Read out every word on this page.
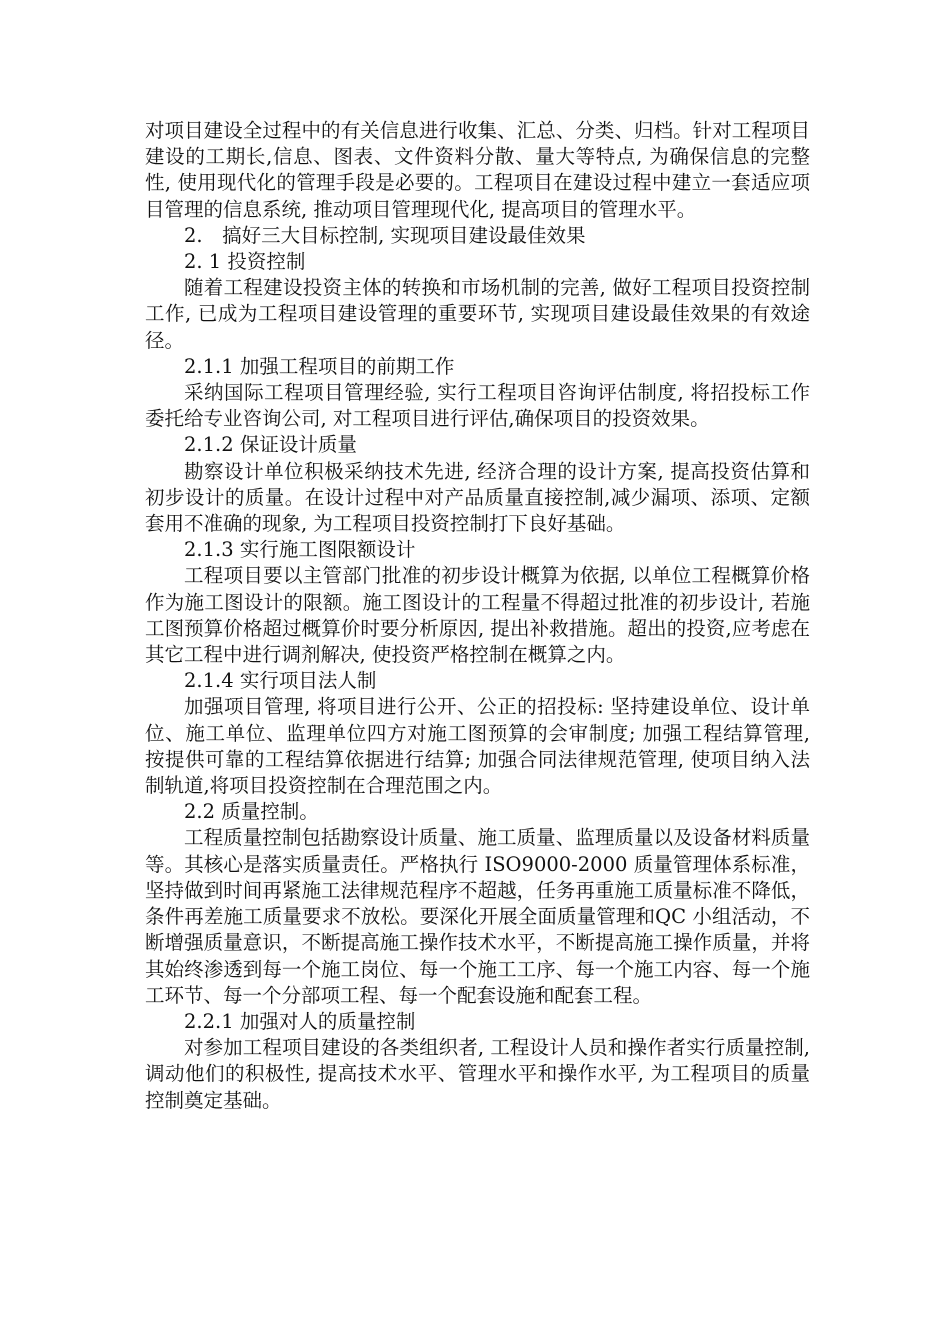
对项目建设全过程中的有关信息进行收集、汇总、分类、归档。针对工程项目建设的工期长,信息、图表、文件资料分散、量大等特点, 为确保信息的完整性, 使用现代化的管理手段是必要的。工程项目在建设过程中建立一套适应项目管理的信息系统, 推动项目管理现代化, 提高项目的管理水平。

2.　搞好三大目标控制, 实现项目建设最佳效果

2. 1 投资控制

随着工程建设投资主体的转换和市场机制的完善, 做好工程项目投资控制工作, 已成为工程项目建设管理的重要环节, 实现项目建设最佳效果的有效途径。

2.1.1 加强工程项目的前期工作

采纳国际工程项目管理经验, 实行工程项目咨询评估制度, 将招投标工作委托给专业咨询公司, 对工程项目进行评估,确保项目的投资效果。

2.1.2 保证设计质量

勘察设计单位积极采纳技术先进, 经济合理的设计方案, 提高投资估算和初步设计的质量。在设计过程中对产品质量直接控制,减少漏项、添项、定额套用不准确的现象, 为工程项目投资控制打下良好基础。

2.1.3 实行施工图限额设计

工程项目要以主管部门批准的初步设计概算为依据, 以单位工程概算价格作为施工图设计的限额。施工图设计的工程量不得超过批准的初步设计, 若施工图预算价格超过概算价时要分析原因, 提出补救措施。超出的投资,应考虑在其它工程中进行调剂解决, 使投资严格控制在概算之内。

2.1.4 实行项目法人制

加强项目管理, 将项目进行公开、公正的招投标: 坚持建设单位、设计单位、施工单位、监理单位四方对施工图预算的会审制度; 加强工程结算管理, 按提供可靠的工程结算依据进行结算; 加强合同法律规范管理, 使项目纳入法制轨道,将项目投资控制在合理范围之内。

2.2 质量控制。

工程质量控制包括勘察设计质量、施工质量、监理质量以及设备材料质量等。其核心是落实质量责任。严格执行 ISO9000-2000 质量管理体系标准，坚持做到时间再紧施工法律规范程序不超越，任务再重施工质量标准不降低，条件再差施工质量要求不放松。要深化开展全面质量管理和QC 小组活动，不断增强质量意识，不断提高施工操作技术水平，不断提高施工操作质量，并将其始终渗透到每一个施工岗位、每一个施工工序、每一个施工内容、每一个施工环节、每一个分部项工程、每一个配套设施和配套工程。

2.2.1 加强对人的质量控制

对参加工程项目建设的各类组织者, 工程设计人员和操作者实行质量控制, 调动他们的积极性, 提高技术水平、管理水平和操作水平, 为工程项目的质量控制奠定基础。
